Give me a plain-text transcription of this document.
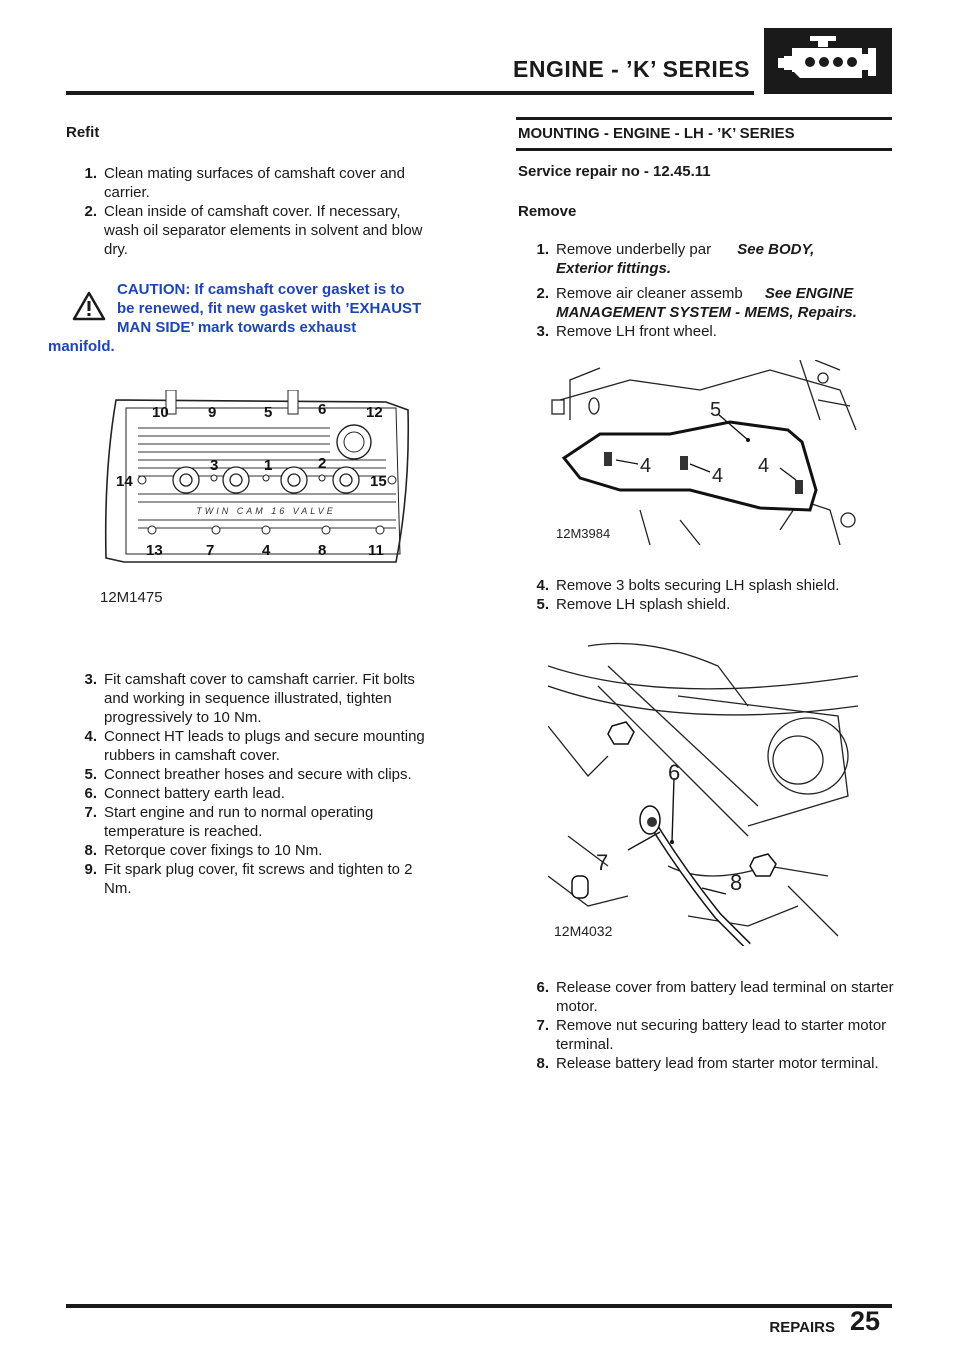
ENGINE - ’K’ SERIES
Refit
1. Clean mating surfaces of camshaft cover and carrier.
2. Clean inside of camshaft cover. If necessary, wash oil separator elements in solvent and blow dry.
CAUTION: If camshaft cover gasket is to
be renewed, fit new gasket with ’EXHAUST
MAN SIDE’ mark towards exhaust
manifold.
TWIN CAM 16 VALVE
10	9	5	6	12
3	1	2
14	15
13	7	4	8	11
12M1475
3. Fit camshaft cover to camshaft carrier. Fit bolts and working in sequence illustrated, tighten progressively to 10 Nm.
4. Connect HT leads to plugs and secure mounting rubbers in camshaft cover.
5. Connect breather hoses and secure with clips.
6. Connect battery earth lead.
7. Start engine and run to normal operating temperature is reached.
8. Retorque cover fixings to 10 Nm.
9. Fit spark plug cover, fit screws and tighten to 2 Nm.
MOUNTING - ENGINE - LH - ’K’ SERIES
Service repair no - 12.45.11
Remove
1. Remove underbelly par See BODY,
Exterior fittings.
2. Remove air cleaner assemb See ENGINE
MANAGEMENT SYSTEM - MEMS, Repairs.
3. Remove LH front wheel.
5
4	4 4
12M3984
4. Remove 3 bolts securing LH splash shield.
5. Remove LH splash shield.
6
7
8
12M4032
6. Release cover from battery lead terminal on starter motor.
7. Remove nut securing battery lead to starter motor terminal.
8. Release battery lead from starter motor terminal.
REPAIRS 25
